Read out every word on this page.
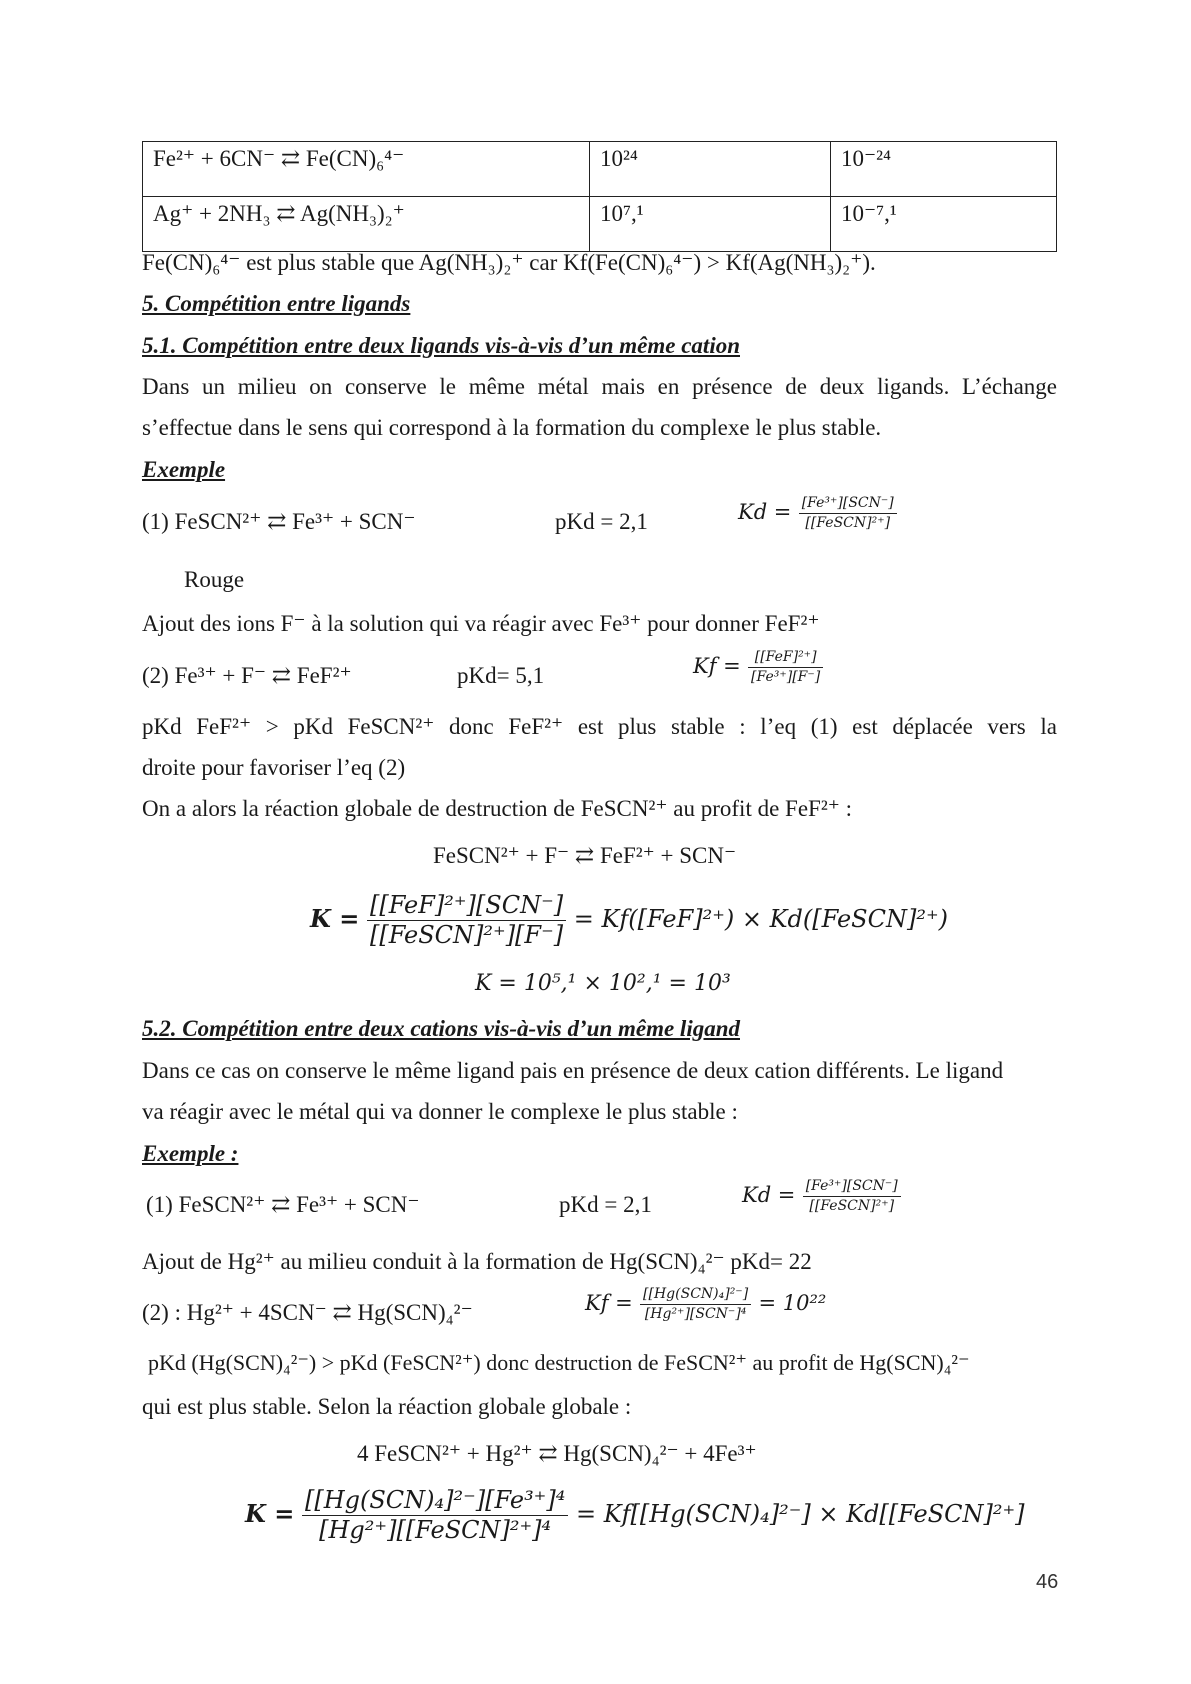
Fe²⁺ + 6CN⁻ ⇄ Fe(CN)₆⁴⁻	10²⁴	10⁻²⁴
Ag⁺ + 2NH₃ ⇄ Ag(NH₃)₂⁺	10⁷,¹	10⁻⁷,¹
Fe(CN)₆⁴⁻ est plus stable que Ag(NH₃)₂⁺ car Kf(Fe(CN)₆⁴⁻) > Kf(Ag(NH₃)₂⁺).
5. Compétition entre ligands
5.1. Compétition entre deux ligands vis-à-vis d’un même cation
Dans un milieu on conserve le même métal mais en présence de deux ligands. L’échange
s’effectue dans le sens qui correspond à la formation du complexe le plus stable.
Exemple
(1) FeSCN²⁺ ⇄ Fe³⁺ + SCN⁻	pKd = 2,1	$Kd = \frac{\text{[Fe³⁺][SCN⁻]}}{\text{[[FeSCN]²⁺]}}$
Rouge
Ajout des ions F⁻ à la solution qui va réagir avec Fe³⁺ pour donner FeF²⁺
(2) Fe³⁺ + F⁻ ⇄ FeF²⁺	pKd= 5,1	$Kf = \frac{\text{[[FeF]²⁺]}}{\text{[Fe³⁺][F⁻]}}$
pKd FeF²⁺ > pKd FeSCN²⁺ donc FeF²⁺ est plus stable : l’eq (1) est déplacée vers la
droite pour favoriser l’eq (2)
On a alors la réaction globale de destruction de FeSCN²⁺ au profit de FeF²⁺ :
FeSCN²⁺ + F⁻ ⇄ FeF²⁺ + SCN⁻
$K = \frac{\text{[[FeF]²⁺][SCN⁻]}}{\text{[[FeSCN]²⁺][F⁻]}} = Kf([FeF]^{2+})$ × Kd([FeSCN]²⁺)
K = 10⁵,¹ × 10²,¹ = 10³
5.2. Compétition entre deux cations vis-à-vis d’un même ligand
Dans ce cas on conserve le même ligand pais en présence de deux cation différents. Le ligand
va réagir avec le métal qui va donner le complexe le plus stable :
Exemple :
(1) FeSCN²⁺ ⇄ Fe³⁺ + SCN⁻	pKd = 2,1	$Kd = \frac{\text{[Fe³⁺][SCN⁻]}}{\text{[[FeSCN]²⁺]}}$
Ajout de Hg²⁺ au milieu conduit à la formation de Hg(SCN)₄²⁻ pKd= 22
(2) : Hg²⁺ + 4SCN⁻ ⇄ Hg(SCN)₄²⁻	$Kf = \frac{\text{[[Hg(SCN)₄]²⁻]}}{\text{[Hg²⁺][SCN⁻]⁴}} = 10^{22}$
pKd (Hg(SCN)₄²⁻) > pKd (FeSCN²⁺) donc destruction de FeSCN²⁺ au profit de Hg(SCN)₄²⁻
qui est plus stable. Selon la réaction globale globale :
4 FeSCN²⁺ + Hg²⁺ ⇄ Hg(SCN)₄²⁻ + 4Fe³⁺
$K = \frac{\text{[[Hg(SCN)₄]²⁻][Fe³⁺]⁴}}{\text{[Hg²⁺][[FeSCN]²⁺]⁴}} = Kf[[Hg(SCN)_4]^{2-}]$ × Kd[[FeSCN]²⁺]
46
